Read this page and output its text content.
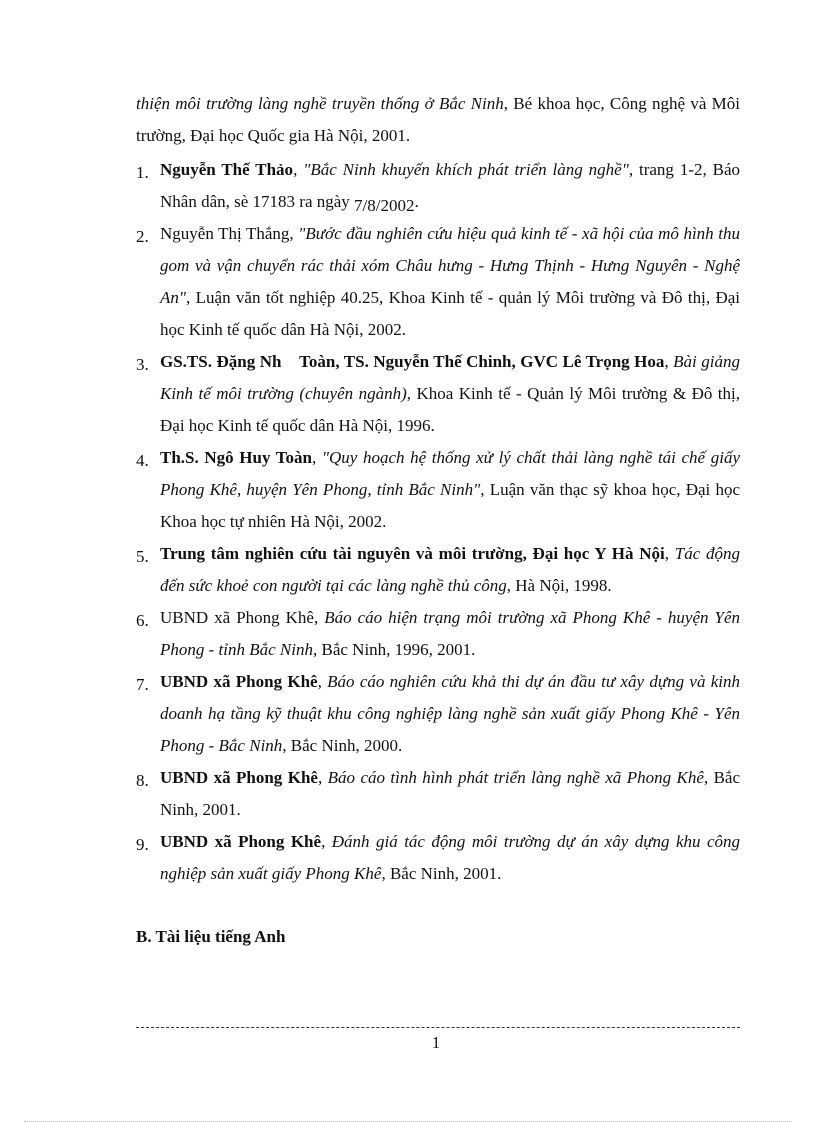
thiện môi trường làng nghề truyền thống ở Bắc Ninh, Bé khoa học, Công nghệ và Môi trường, Đại học Quốc gia Hà Nội, 2001.

1. Nguyễn Thế Thảo, "Bắc Ninh khuyến khích phát triển làng nghề", trang 1-2, Báo Nhân dân, sè 17183 ra ngày 7/8/2002.

2. Nguyễn Thị Thắng, "Bước đầu nghiên cứu hiệu quả kinh tế - xã hội của mô hình thu gom và vận chuyển rác thải xóm Châu hưng - Hưng Thịnh - Hưng Nguyên - Nghệ An", Luận văn tốt nghiệp 40.25, Khoa Kinh tế - quản lý Môi trường và Đô thị, Đại học Kinh tế quốc dân Hà Nội, 2002.

3. GS.TS. Đặng Nh    Toàn, TS. Nguyễn Thế Chinh, GVC Lê Trọng Hoa, Bài giảng Kinh tế môi trường (chuyên ngành), Khoa Kinh tế - Quản lý Môi trường & Đô thị, Đại học Kinh tế quốc dân Hà Nội, 1996.

4. Th.S. Ngô Huy Toàn, "Quy hoạch hệ thống xử lý chất thải làng nghề tái chế giấy Phong Khê, huyện Yên Phong, tỉnh Bắc Ninh", Luận văn thạc sỹ khoa học, Đại học Khoa học tự nhiên Hà Nội, 2002.

5. Trung tâm nghiên cứu tài nguyên và môi trường, Đại học Y Hà Nội, Tác động đến sức khoẻ con người tại các làng nghề thủ công, Hà Nội, 1998.

6. UBND xã Phong Khê, Báo cáo hiện trạng môi trường xã Phong Khê - huyện Yên Phong - tỉnh Bắc Ninh, Bắc Ninh, 1996, 2001.

7. UBND xã Phong Khê, Báo cáo nghiên cứu khả thi dự án đầu tư xây dựng và kinh doanh hạ tầng kỹ thuật khu công nghiệp làng nghề sản xuất giấy Phong Khê - Yên Phong - Bắc Ninh, Bắc Ninh, 2000.

8. UBND xã Phong Khê, Báo cáo tình hình phát triển làng nghề xã Phong Khê, Bắc Ninh, 2001.

9. UBND xã Phong Khê, Đánh giá tác động môi trường dự án xây dựng khu công nghiệp sản xuất giấy Phong Khê, Bắc Ninh, 2001.

B. Tài liệu tiếng Anh

1
